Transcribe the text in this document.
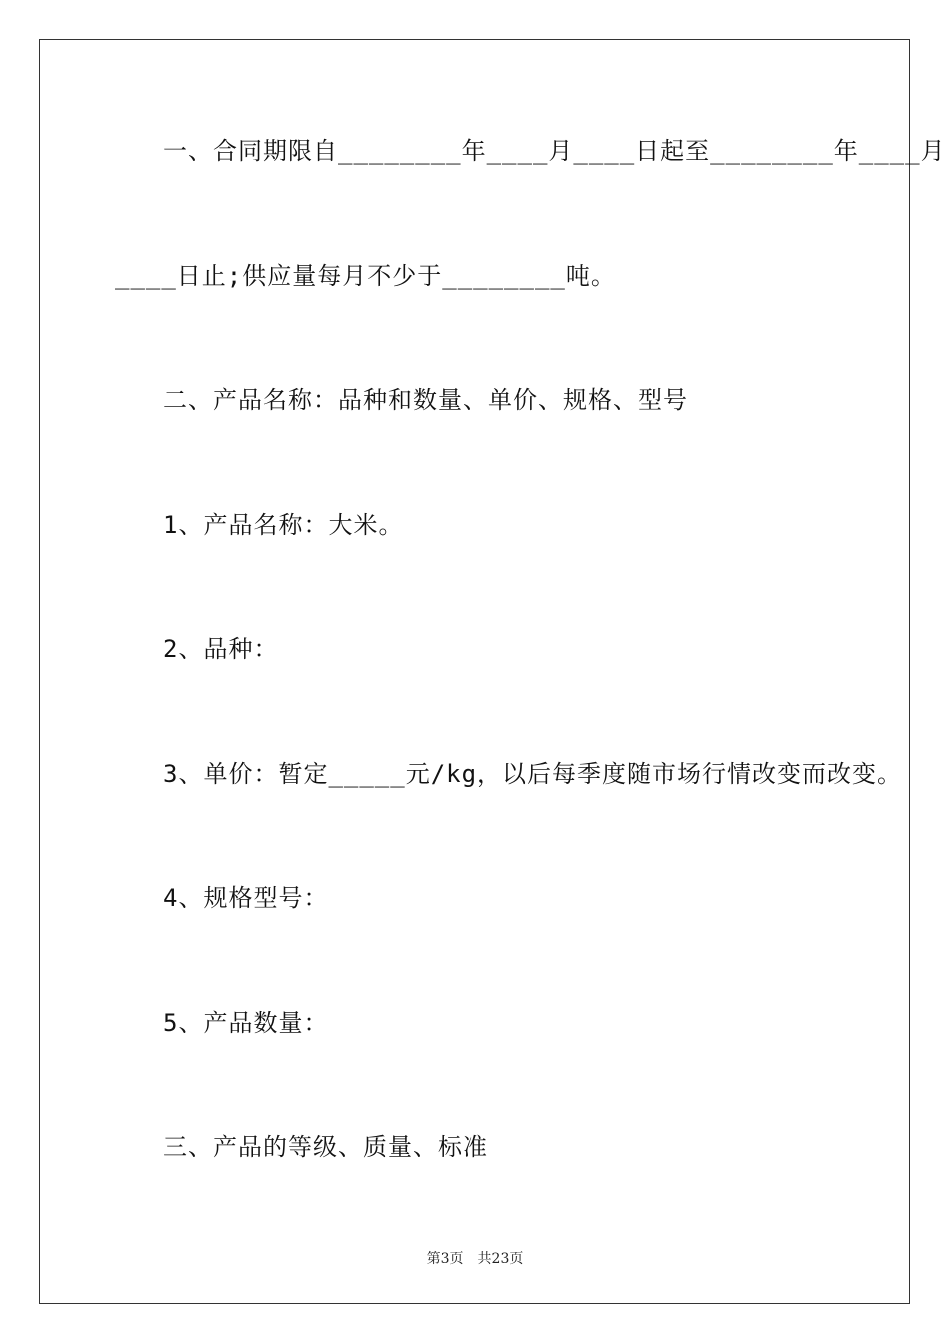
一、合同期限自________年____月____日起至________年____月
____日止;供应量每月不少于________吨。
二、产品名称：品种和数量、单价、规格、型号
1、产品名称：大米。
2、品种：
3、单价：暂定_____元/kg，以后每季度随市场行情改变而改变。
4、规格型号：
5、产品数量：
三、产品的等级、质量、标准
第3页　共23页
